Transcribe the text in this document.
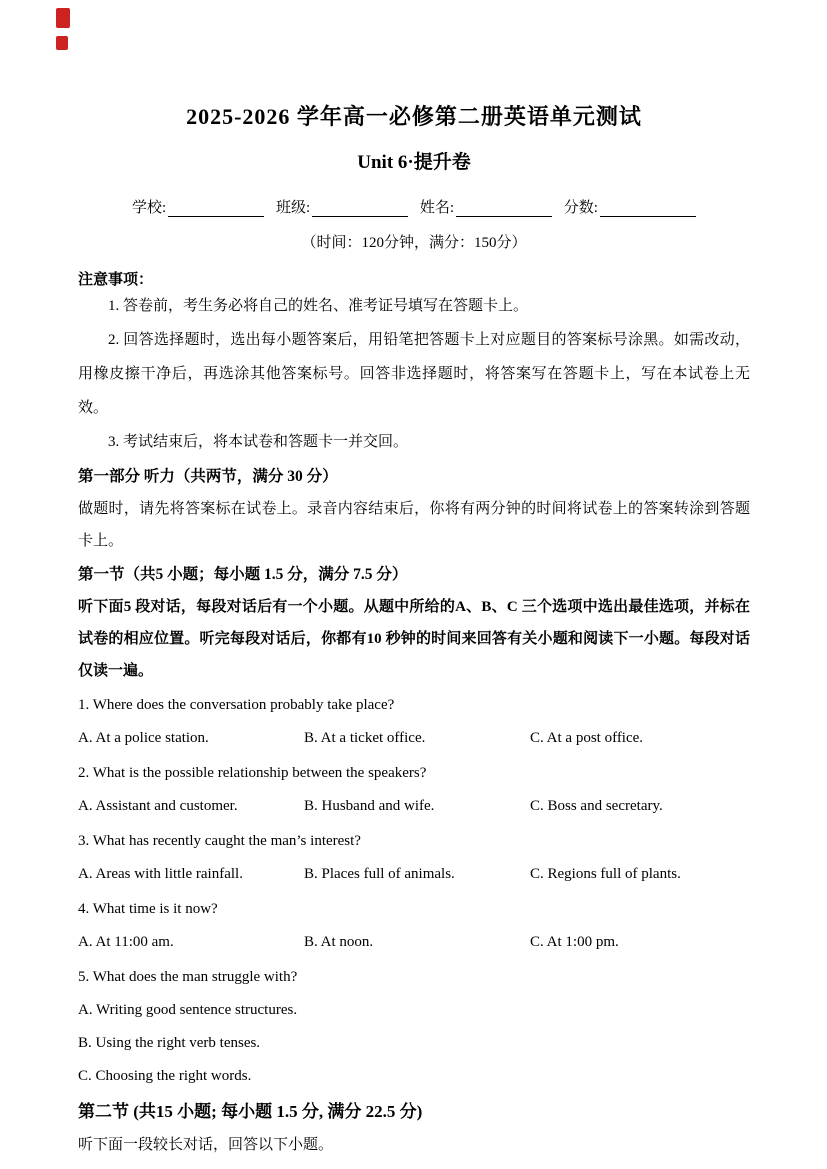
2025-2026 学年高一必修第二册英语单元测试
Unit 6·提升卷
学校:	班级:	姓名:	分数:
（时间：120分钟，满分：150分）
注意事项：
1. 答卷前，考生务必将自己的姓名、准考证号填写在答题卡上。
2. 回答选择题时，选出每小题答案后，用铅笔把答题卡上对应题目的答案标号涂黑。如需改动，用橡皮擦干净后，再选涂其他答案标号。回答非选择题时，将答案写在答题卡上，写在本试卷上无效。
3. 考试结束后，将本试卷和答题卡一并交回。
第一部分 听力（共两节，满分 30 分）
做题时，请先将答案标在试卷上。录音内容结束后，你将有两分钟的时间将试卷上的答案转涂到答题卡上。
第一节（共5 小题；每小题 1.5 分，满分 7.5 分）
听下面5 段对话，每段对话后有一个小题。从题中所给的A、B、C 三个选项中选出最佳选项，并标在试卷的相应位置。听完每段对话后，你都有10 秒钟的时间来回答有关小题和阅读下一小题。每段对话仅读一遍。
1. Where does the conversation probably take place?
A. At a police station.	B. At a ticket office.	C. At a post office.
2. What is the possible relationship between the speakers?
A. Assistant and customer.	B. Husband and wife.	C. Boss and secretary.
3. What has recently caught the man’s interest?
A. Areas with little rainfall.	B. Places full of animals.	C. Regions full of plants.
4. What time is it now?
A. At 11:00 am.	B. At noon.	C. At 1:00 pm.
5. What does the man struggle with?
A. Writing good sentence structures.
B. Using the right verb tenses.
C. Choosing the right words.
第二节 (共15 小题; 每小题 1.5 分, 满分 22.5 分)
听下面一段较长对话，回答以下小题。
